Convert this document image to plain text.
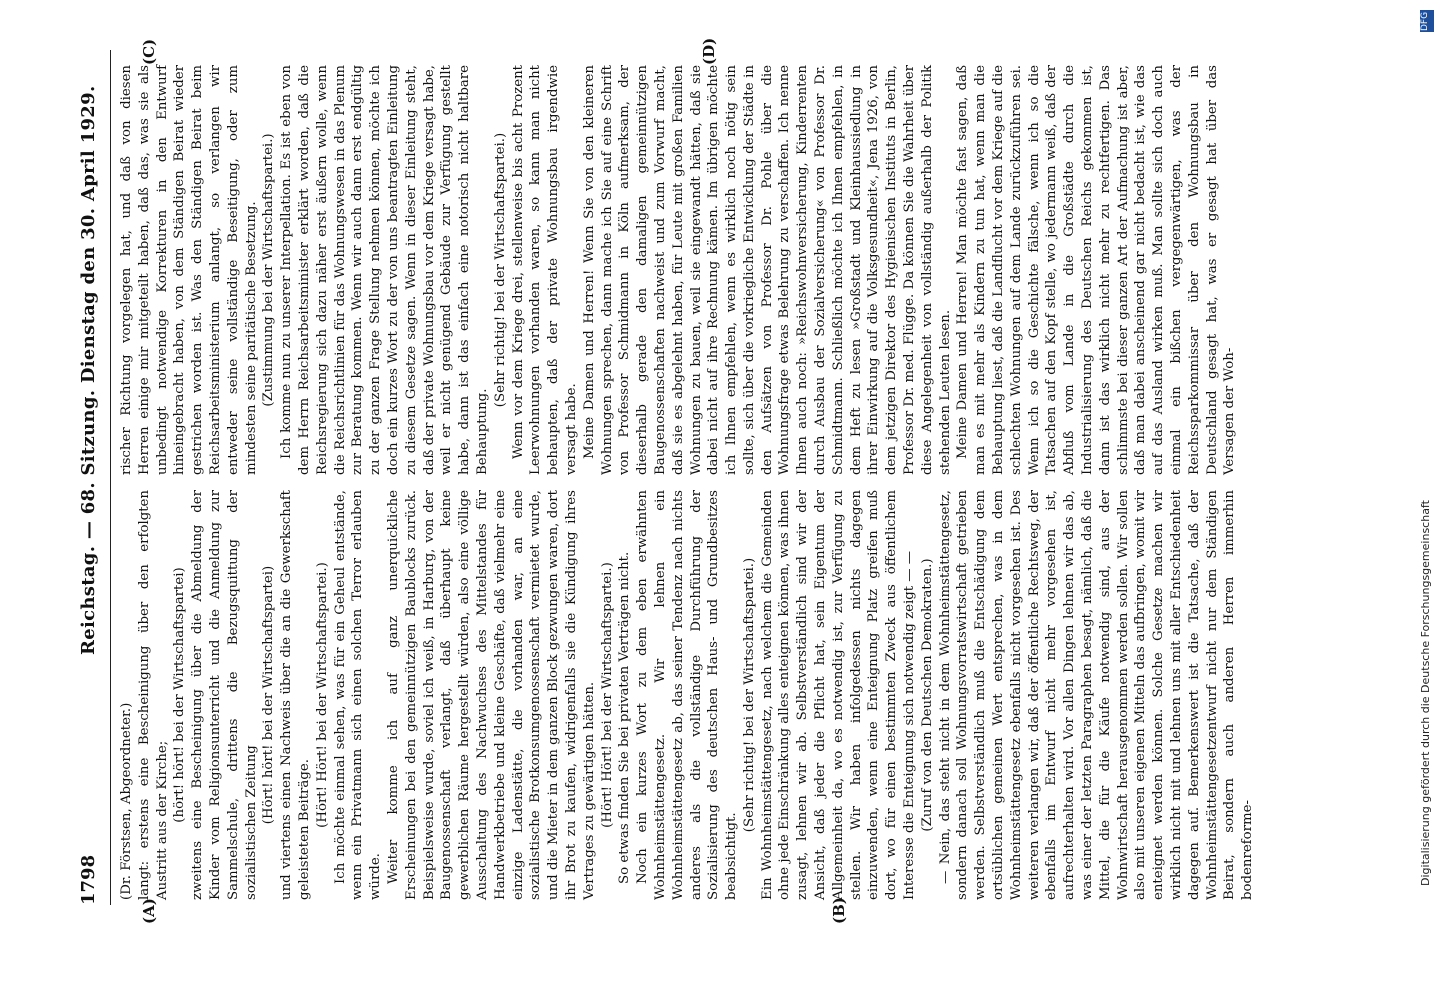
1798
Reichstag. — 68. Sitzung. Dienstag den 30. April 1929.
(A)	(B)
(C)	(D)

(Dr. Förstsen, Abgeordneter.) langt: erstens eine Bescheinigung über den erfolgten Austritt aus der Kirche; (hört! hört! bei der Wirtschaftspartei) zweitens eine Bescheinigung über die Abmeldung der Kinder vom Religionsunterricht und die Anmeldung zur Sammelschule, drittens die Bezugsquittung der sozialistischen Zeitung (Hört! hört! bei der Wirtschaftspartei) und viertens einen Nachweis über die an die Gewerkschaft geleisteten Beiträge.

(Hört! Hört! bei der Wirtschaftspartei.) Ich möchte einmal sehen, was für ein Geheul entstände, wenn ein Privatmann sich einen solchen Terror erlauben würde. Weiter komme ich auf ganz unerquickliche Erscheinungen bei den gemeinnützigen Baublocks zurück. Beispielsweise wurde, soviel ich weiß, in Harburg, von der Baugenossenschaft verlangt, daß überhaupt keine gewerblichen Räume hergestellt würden, also eine völlige Ausschaltung des Nachwuchses des Mittelstandes für Handwerkbetriebe und kleine Geschäfte, daß vielmehr eine einzige Ladenstätte, die vorhanden war, an eine sozialistische Brotkonsumgenossenschaft vermietet wurde, und die Mieter in dem ganzen Block gezwungen waren, dort ihr Brot zu kaufen, widrigenfalls sie die Kündigung ihres Vertrages zu gewärtigen hätten. (Hört! Hört! bei der Wirtschaftspartei.) So etwas finden Sie bei privaten Verträgen nicht. Noch ein kurzes Wort zu dem eben erwähnten Wohnheimstättengesetz. Wir lehnen ein Wohnheimstättengesetz ab, das seiner Tendenz nach nichts anderes als die vollständige Durchführung der Sozialisierung des deutschen Haus- und Grundbesitzes beabsichtigt.

(Sehr richtig! bei der Wirtschaftspartei.) Ein Wohnheimstättengesetz, nach welchem die Gemeinden ohne jede Einschränkung alles enteignen können, was ihnen zusagt, lehnen wir ab. Selbstverständlich sind wir der Ansicht, daß jeder die Pflicht hat, sein Eigentum der Allgemeinheit da, wo es notwendig ist, zur Verfügung zu stellen. Wir haben infolgedessen nichts dagegen einzuwenden, wenn eine Enteignung Platz greifen muß dort, wo für einen bestimmten Zweck aus öffentlichem Interesse die Enteignung sich notwendig zeigt — — (Zuruf von den Deutschen Demokraten.) — Nein, das steht nicht in dem Wohnheimstättengesetz, sondern danach soll Wohnungsvorratswirtschaft getrieben werden. Selbstverständlich muß die Entschädigung dem ortsüblichen gemeinen Wert entsprechen, was in dem Wohnheimstättengesetz ebenfalls nicht vorgesehen ist. Des weiteren verlangen wir, daß der öffentliche Rechtsweg, der ebenfalls im Entwurf nicht mehr vorgesehen ist, aufrechterhalten wird. Vor allen Dingen lehnen wir das ab, was einer der letzten Paragraphen besagt, nämlich, daß die Mittel, die für die Käufe notwendig sind, aus der Wohnwirtschaft herausgenommen werden sollen. Wir sollen also mit unseren eigenen Mitteln das aufbringen, womit wir enteignet werden können. Solche Gesetze machen wir wirklich nicht mit und lehnen uns mit aller Entschiedenheit dagegen auf. Bemerkenswert ist die Tatsache, daß der Wohnheimstättengesetzentwurf nicht nur dem Ständigen Beirat, sondern auch anderen Herren immerhin bodenreforme-

rischer Richtung vorgelegen hat, und daß von diesen Herren einige mir mitgeteilt haben, daß das, was sie als unbedingt notwendige Korrekturen in den Entwurf hineingebracht haben, von dem Ständigen Beirat wieder gestrichen worden ist. Was den Ständigen Beirat beim Reichsarbeitsministerium anlangt, so verlangen wir entweder seine vollständige Beseitigung, oder zum mindesten seine paritätische Besetzung. (Zustimmung bei der Wirtschaftspartei.) Ich komme nun zu unserer Interpellation. Es ist eben von dem Herrn Reichsarbeitsminister erklärt worden, daß die Reichsregierung sich dazu näher erst äußern wolle, wenn die Reichsrichtlinien für das Wohnungswesen in das Plenum zur Beratung kommen. Wenn wir auch dann erst endgültig zu der ganzen Frage Stellung nehmen können, möchte ich doch ein kurzes Wort zu der von uns beantragten Einleitung zu diesem Gesetze sagen. Wenn in dieser Einleitung steht, daß der private Wohnungsbau vor dem Kriege versagt habe, weil er nicht genügend Gebäude zur Verfügung gestellt habe, dann ist das einfach eine notorisch nicht haltbare Behauptung.

(Sehr richtig! bei der Wirtschaftspartei.) Wenn vor dem Kriege drei, stellenweise bis acht Prozent Leerwohnungen vorhanden waren, so kann man nicht behaupten, daß der private Wohnungsbau irgendwie versagt habe. Meine Damen und Herren! Wenn Sie von den kleineren Wohnungen sprechen, dann mache ich Sie auf eine Schrift von Professor Schmidmann in Köln aufmerksam, der dieserhalb gerade den damaligen gemeinnützigen Baugenossenschaften nachweist und zum Vorwurf macht, daß sie es abgelehnt haben, für Leute mit großen Familien Wohnungen zu bauen, weil sie eingewandt hätten, daß sie dabei nicht auf ihre Rechnung kämen. Im übrigen möchte ich Ihnen empfehlen, wenn es wirklich noch nötig sein sollte, sich über die vorkriegliche Entwicklung der Städte in den Aufsätzen von Professor Dr. Pohle über die Wohnungsfrage etwas Belehrung zu verschaffen. Ich nenne Ihnen auch noch: »Reichswohnversicherung, Kinderrenten durch Ausbau der Sozialversicherung« von Professor Dr. Schmidtmann. Schließlich möchte ich Ihnen empfehlen, in dem Heft zu lesen »Großstadt und Kleinhaussiedlung in ihrer Einwirkung auf die Volksgesundheit«, Jena 1926, von dem jetzigen Direktor des Hygienischen Instituts in Berlin, Professor Dr. med. Flügge. Da können Sie die Wahrheit über diese Angelegenheit von vollständig außerhalb der Politik stehenden Leuten lesen. Meine Damen und Herren! Man möchte fast sagen, daß man es mit mehr als Kindern zu tun hat, wenn man die Behauptung liest, daß die Landflucht vor dem Kriege auf die schlechten Wohnungen auf dem Lande zurückzuführen sei. Wenn ich so die Geschichte fälsche, wenn ich so die Tatsachen auf den Kopf stelle, wo jedermann weiß, daß der Abfluß vom Lande in die Großstädte durch die Industrialisierung des Deutschen Reichs gekommen ist, dann ist das wirklich nicht mehr zu rechtfertigen. Das schlimmste bei dieser ganzen Art der Aufmachung ist aber, daß man dabei anscheinend gar nicht bedacht ist, wie das auf das Ausland wirken muß. Man sollte sich doch auch einmal ein bißchen vergegenwärtigen, was der Reichssparkommissar über den Wohnungsbau in Deutschland gesagt hat, was er gesagt hat über das Versagen der Woh-

DFG
Digitalisierung gefördert durch die Deutsche Forschungsgemeinschaft
